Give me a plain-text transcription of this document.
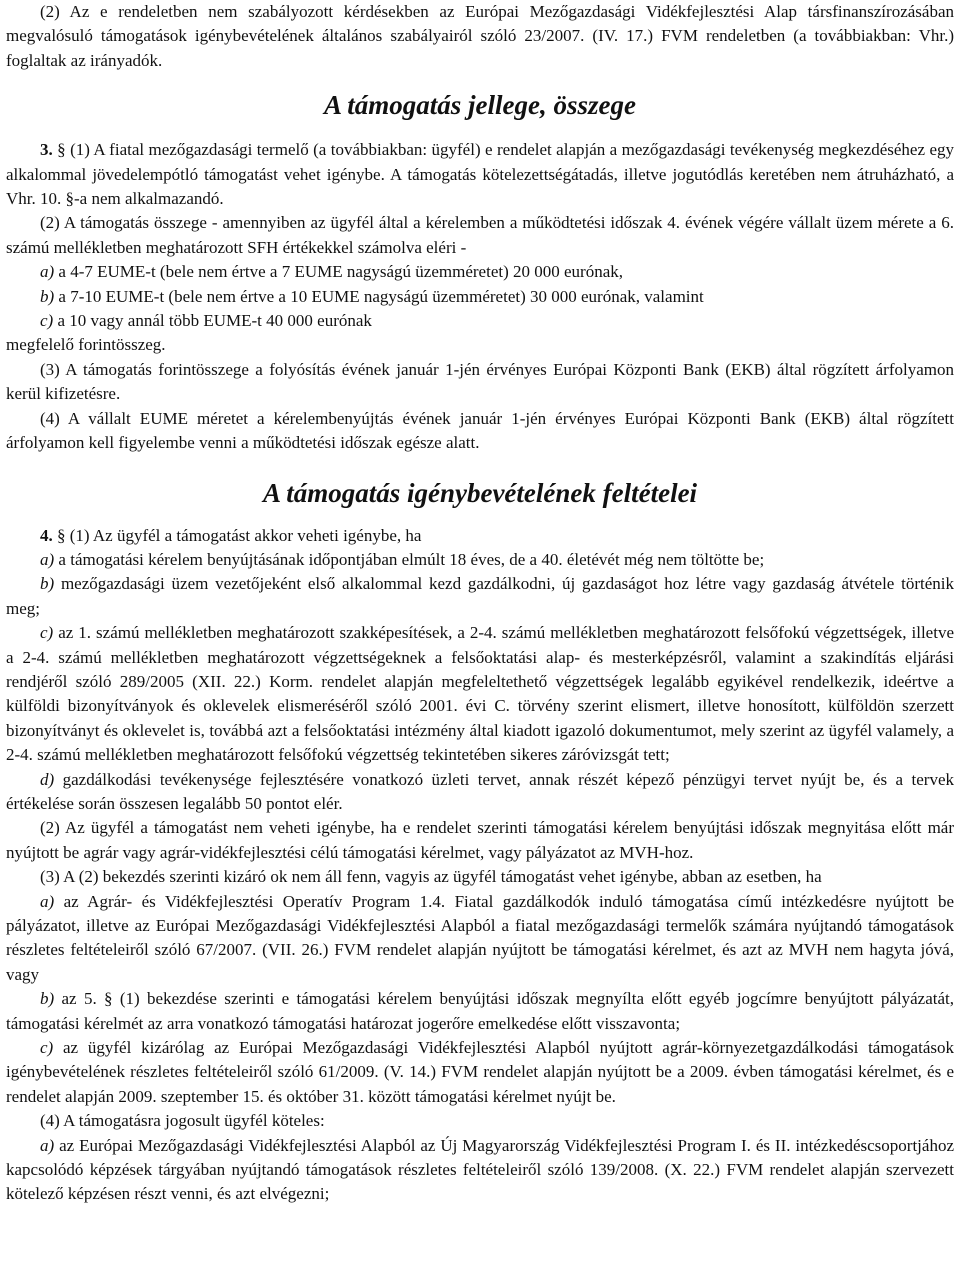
(2) Az e rendeletben nem szabályozott kérdésekben az Európai Mezőgazdasági Vidékfejlesztési Alap társfinanszírozásában megvalósuló támogatások igénybevételének általános szabályairól szóló 23/2007. (IV. 17.) FVM rendeletben (a továbbiakban: Vhr.) foglaltak az irányadók.

A támogatás jellege, összege

3. § (1) A fiatal mezőgazdasági termelő (a továbbiakban: ügyfél) e rendelet alapján a mezőgazdasági tevékenység megkezdéséhez egy alkalommal jövedelempótló támogatást vehet igénybe. A támogatás kötelezettségátadás, illetve jogutódlás keretében nem átruházható, a Vhr. 10. §-a nem alkalmazandó.

(2) A támogatás összege - amennyiben az ügyfél által a kérelemben a működtetési időszak 4. évének végére vállalt üzem mérete a 6. számú mellékletben meghatározott SFH értékekkel számolva eléri -

a) a 4-7 EUME-t (bele nem értve a 7 EUME nagyságú üzemméretet) 20 000 eurónak,

b) a 7-10 EUME-t (bele nem értve a 10 EUME nagyságú üzemméretet) 30 000 eurónak, valamint

c) a 10 vagy annál több EUME-t 40 000 eurónak

megfelelő forintösszeg.

(3) A támogatás forintösszege a folyósítás évének január 1-jén érvényes Európai Központi Bank (EKB) által rögzített árfolyamon kerül kifizetésre.

(4) A vállalt EUME méretet a kérelembenyújtás évének január 1-jén érvényes Európai Központi Bank (EKB) által rögzített árfolyamon kell figyelembe venni a működtetési időszak egésze alatt.

A támogatás igénybevételének feltételei

4. § (1) Az ügyfél a támogatást akkor veheti igénybe, ha

a) a támogatási kérelem benyújtásának időpontjában elmúlt 18 éves, de a 40. életévét még nem töltötte be;

b) mezőgazdasági üzem vezetőjeként első alkalommal kezd gazdálkodni, új gazdaságot hoz létre vagy gazdaság átvétele történik meg;

c) az 1. számú mellékletben meghatározott szakképesítések, a 2-4. számú mellékletben meghatározott felsőfokú végzettségek, illetve a 2-4. számú mellékletben meghatározott végzettségeknek a felsőoktatási alap- és mesterképzésről, valamint a szakindítás eljárási rendjéről szóló 289/2005 (XII. 22.) Korm. rendelet alapján megfeleltethető végzettségek legalább egyikével rendelkezik, ideértve a külföldi bizonyítványok és oklevelek elismeréséről szóló 2001. évi C. törvény szerint elismert, illetve honosított, külföldön szerzett bizonyítványt és oklevelet is, továbbá azt a felsőoktatási intézmény által kiadott igazoló dokumentumot, mely szerint az ügyfél valamely, a 2-4. számú mellékletben meghatározott felsőfokú végzettség tekintetében sikeres záróvizsgát tett;

d) gazdálkodási tevékenysége fejlesztésére vonatkozó üzleti tervet, annak részét képező pénzügyi tervet nyújt be, és a tervek értékelése során összesen legalább 50 pontot elér.

(2) Az ügyfél a támogatást nem veheti igénybe, ha e rendelet szerinti támogatási kérelem benyújtási időszak megnyitása előtt már nyújtott be agrár vagy agrár-vidékfejlesztési célú támogatási kérelmet, vagy pályázatot az MVH-hoz.

(3) A (2) bekezdés szerinti kizáró ok nem áll fenn, vagyis az ügyfél támogatást vehet igénybe, abban az esetben, ha

a) az Agrár- és Vidékfejlesztési Operatív Program 1.4. Fiatal gazdálkodók induló támogatása című intézkedésre nyújtott be pályázatot, illetve az Európai Mezőgazdasági Vidékfejlesztési Alapból a fiatal mezőgazdasági termelők számára nyújtandó támogatások részletes feltételeiről szóló 67/2007. (VII. 26.) FVM rendelet alapján nyújtott be támogatási kérelmet, és azt az MVH nem hagyta jóvá, vagy

b) az 5. § (1) bekezdése szerinti e támogatási kérelem benyújtási időszak megnyílta előtt egyéb jogcímre benyújtott pályázatát, támogatási kérelmét az arra vonatkozó támogatási határozat jogerőre emelkedése előtt visszavonta;

c) az ügyfél kizárólag az Európai Mezőgazdasági Vidékfejlesztési Alapból nyújtott agrár-környezetgazdálkodási támogatások igénybevételének részletes feltételeiről szóló 61/2009. (V. 14.) FVM rendelet alapján nyújtott be a 2009. évben támogatási kérelmet, és e rendelet alapján 2009. szeptember 15. és október 31. között támogatási kérelmet nyújt be.

(4) A támogatásra jogosult ügyfél köteles:

a) az Európai Mezőgazdasági Vidékfejlesztési Alapból az Új Magyarország Vidékfejlesztési Program I. és II. intézkedéscsoportjához kapcsolódó képzések tárgyában nyújtandó támogatások részletes feltételeiről szóló 139/2008. (X. 22.) FVM rendelet alapján szervezett kötelező képzésen részt venni, és azt elvégezni;
